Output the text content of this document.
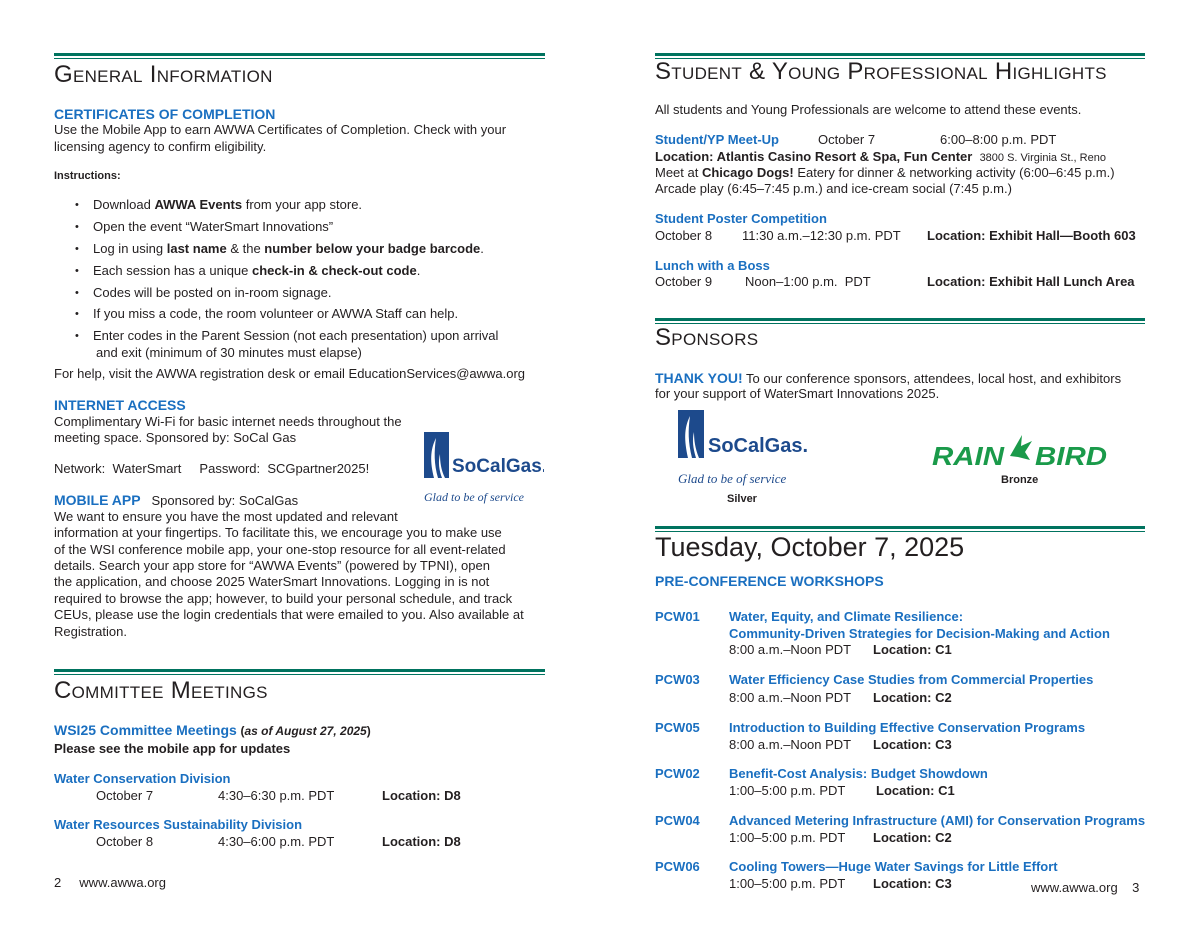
General Information
CERTIFICATES OF COMPLETION
Use the Mobile App to earn AWWA Certificates of Completion. Check with your
licensing agency to confirm eligibility.
Instructions:
• Download AWWA Events from your app store.
• Open the event “WaterSmart Innovations”
• Log in using last name & the number below your badge barcode.
• Each session has a unique check-in & check-out code.
• Codes will be posted on in-room signage.
• If you miss a code, the room volunteer or AWWA Staff can help.
• Enter codes in the Parent Session (not each presentation) upon arrival
and exit (minimum of 30 minutes must elapse)
For help, visit the AWWA registration desk or email EducationServices@awwa.org
INTERNET ACCESS
Complimentary Wi-Fi for basic internet needs throughout the
meeting space. Sponsored by: SoCal Gas
Network:  WaterSmart     Password:  SCGpartner2025!
MOBILE APP Sponsored by: SoCalGas
We want to ensure you have the most updated and relevant
information at your fingertips. To facilitate this, we encourage you to make use
of the WSI conference mobile app, your one-stop resource for all event-related
details. Search your app store for “AWWA Events” (powered by TPNI), open
the application, and choose 2025 WaterSmart Innovations. Logging in is not
required to browse the app; however, to build your personal schedule, and track
CEUs, please use the login credentials that were emailed to you. Also available at
Registration.
SoCalGas.
Glad to be of service
Committee Meetings
WSI25 Committee Meetings (as of August 27, 2025)
Please see the mobile app for updates
Water Conservation Division
October 7	4:30–6:30 p.m. PDT	Location: D8
Water Resources Sustainability Division
October 8	4:30–6:00 p.m. PDT	Location: D8
2 www.awwa.org
Student & Young Professional Highlights
All students and Young Professionals are welcome to attend these events.
Student/YP Meet-Up	October 7	6:00–8:00 p.m. PDT
Location: Atlantis Casino Resort & Spa, Fun Center 3800 S. Virginia St., Reno
Meet at Chicago Dogs! Eatery for dinner & networking activity (6:00–6:45 p.m.)
Arcade play (6:45–7:45 p.m.) and ice-cream social (7:45 p.m.)
Student Poster Competition
October 8 11:30 a.m.–12:30 p.m. PDT Location: Exhibit Hall—Booth 603
Lunch with a Boss
October 9	Noon–1:00 p.m.  PDT	Location: Exhibit Hall Lunch Area
Sponsors
THANK YOU! To our conference sponsors, attendees, local host, and exhibitors
for your support of WaterSmart Innovations 2025.
SoCalGas.
Glad to be of service
Silver
RAIN BIRD
Bronze
Tuesday, October 7, 2025
PRE-CONFERENCE WORKSHOPS
PCW01 Water, Equity, and Climate Resilience:
Community-Driven Strategies for Decision-Making and Action
8:00 a.m.–Noon PDT Location: C1
PCW03 Water Efficiency Case Studies from Commercial Properties
8:00 a.m.–Noon PDT Location: C2
PCW05 Introduction to Building Effective Conservation Programs
8:00 a.m.–Noon PDT Location: C3
PCW02 Benefit-Cost Analysis: Budget Showdown
1:00–5:00 p.m. PDT Location: C1
PCW04 Advanced Metering Infrastructure (AMI) for Conservation Programs
1:00–5:00 p.m. PDT Location: C2
PCW06 Cooling Towers—Huge Water Savings for Little Effort
1:00–5:00 p.m. PDT Location: C3	www.awwa.org 3
